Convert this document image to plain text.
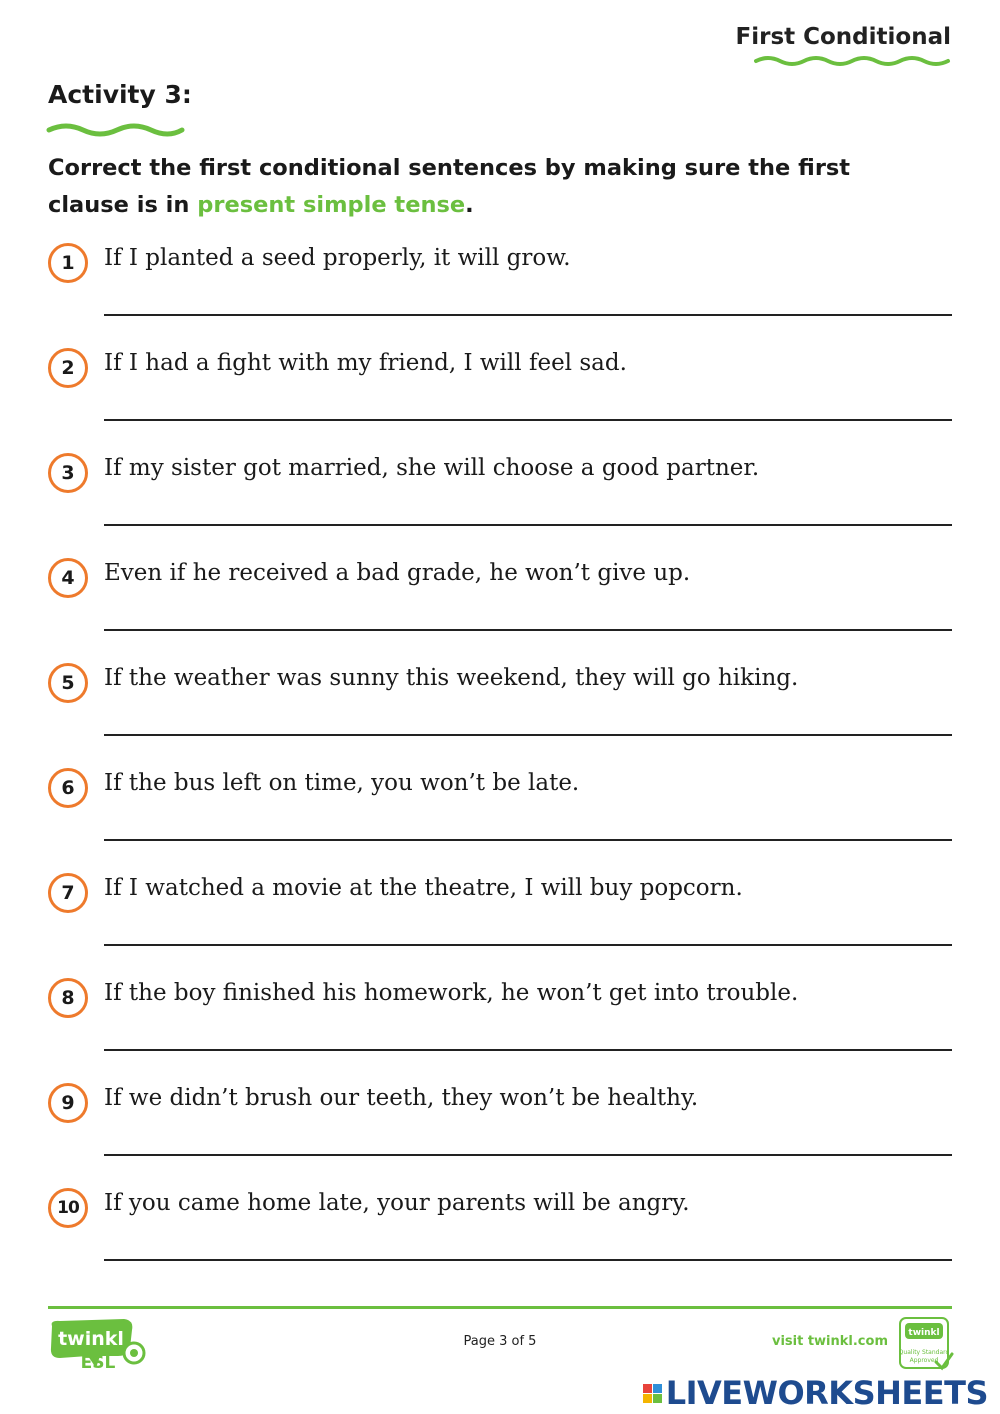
First Conditional
Activity 3:
Correct the first conditional sentences by making sure the first clause is in present simple tense.
1	If I planted a seed properly, it will grow.
2	If I had a fight with my friend, I will feel sad.
3	If my sister got married, she will choose a good partner.
4	Even if he received a bad grade, he won’t give up.
5	If the weather was sunny this weekend, they will go hiking.
6	If the bus left on time, you won’t be late.
7	If I watched a movie at the theatre, I will buy popcorn.
8	If the boy finished his homework, he won’t get into trouble.
9	If we didn’t brush our teeth, they won’t be healthy.
10	If you came home late, your parents will be angry.
twinkl
ESL
Page 3 of 5	visit twinkl.com
twinkl
Quality Standard
Approved
LIVEWORKSHEETS
